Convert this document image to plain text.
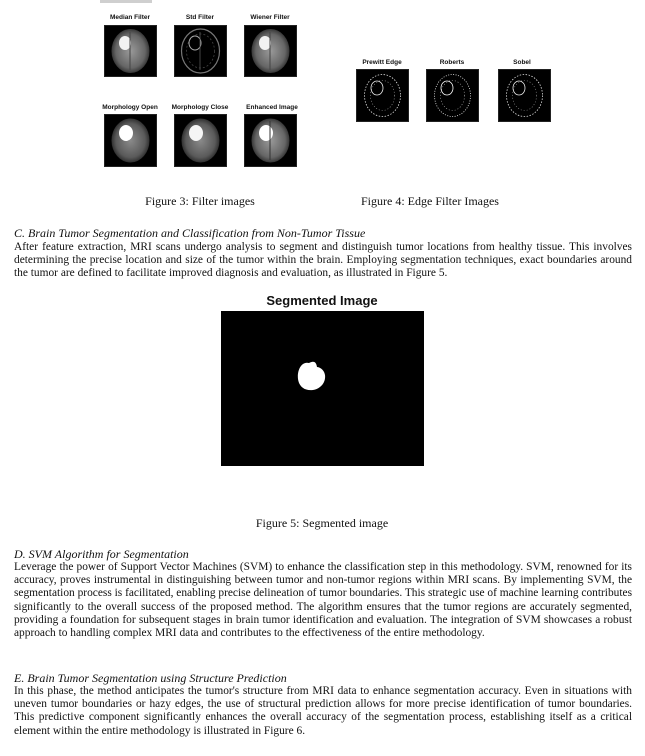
Median Filter	Std Filter	Wiener Filter
Morphology Open	Morphology Close	Enhanced Image
Figure 3: Filter images
Prewitt Edge	Roberts	Sobel
Figure 4: Edge Filter Images
C. Brain Tumor Segmentation and Classification from Non-Tumor Tissue
After feature extraction, MRI scans undergo analysis to segment and distinguish tumor locations from healthy tissue. This involves determining the precise location and size of the tumor within the brain. Employing segmentation techniques, exact boundaries around the tumor are defined to facilitate improved diagnosis and evaluation, as illustrated in Figure 5.
Segmented Image
Figure 5: Segmented image
D. SVM Algorithm for Segmentation
Leverage the power of Support Vector Machines (SVM) to enhance the classification step in this methodology. SVM, renowned for its accuracy, proves instrumental in distinguishing between tumor and non-tumor regions within MRI scans. By implementing SVM, the segmentation process is facilitated, enabling precise delineation of tumor boundaries. This strategic use of machine learning contributes significantly to the overall success of the proposed method. The algorithm ensures that the tumor regions are accurately segmented, providing a foundation for subsequent stages in brain tumor identification and evaluation. The integration of SVM showcases a robust approach to handling complex MRI data and contributes to the effectiveness of the entire methodology.
E. Brain Tumor Segmentation using Structure Prediction
In this phase, the method anticipates the tumor's structure from MRI data to enhance segmentation accuracy. Even in situations with uneven tumor boundaries or hazy edges, the use of structural prediction allows for more precise identification of tumor boundaries. This predictive component significantly enhances the overall accuracy of the segmentation process, establishing itself as a critical element within the entire methodology is illustrated in Figure 6.
